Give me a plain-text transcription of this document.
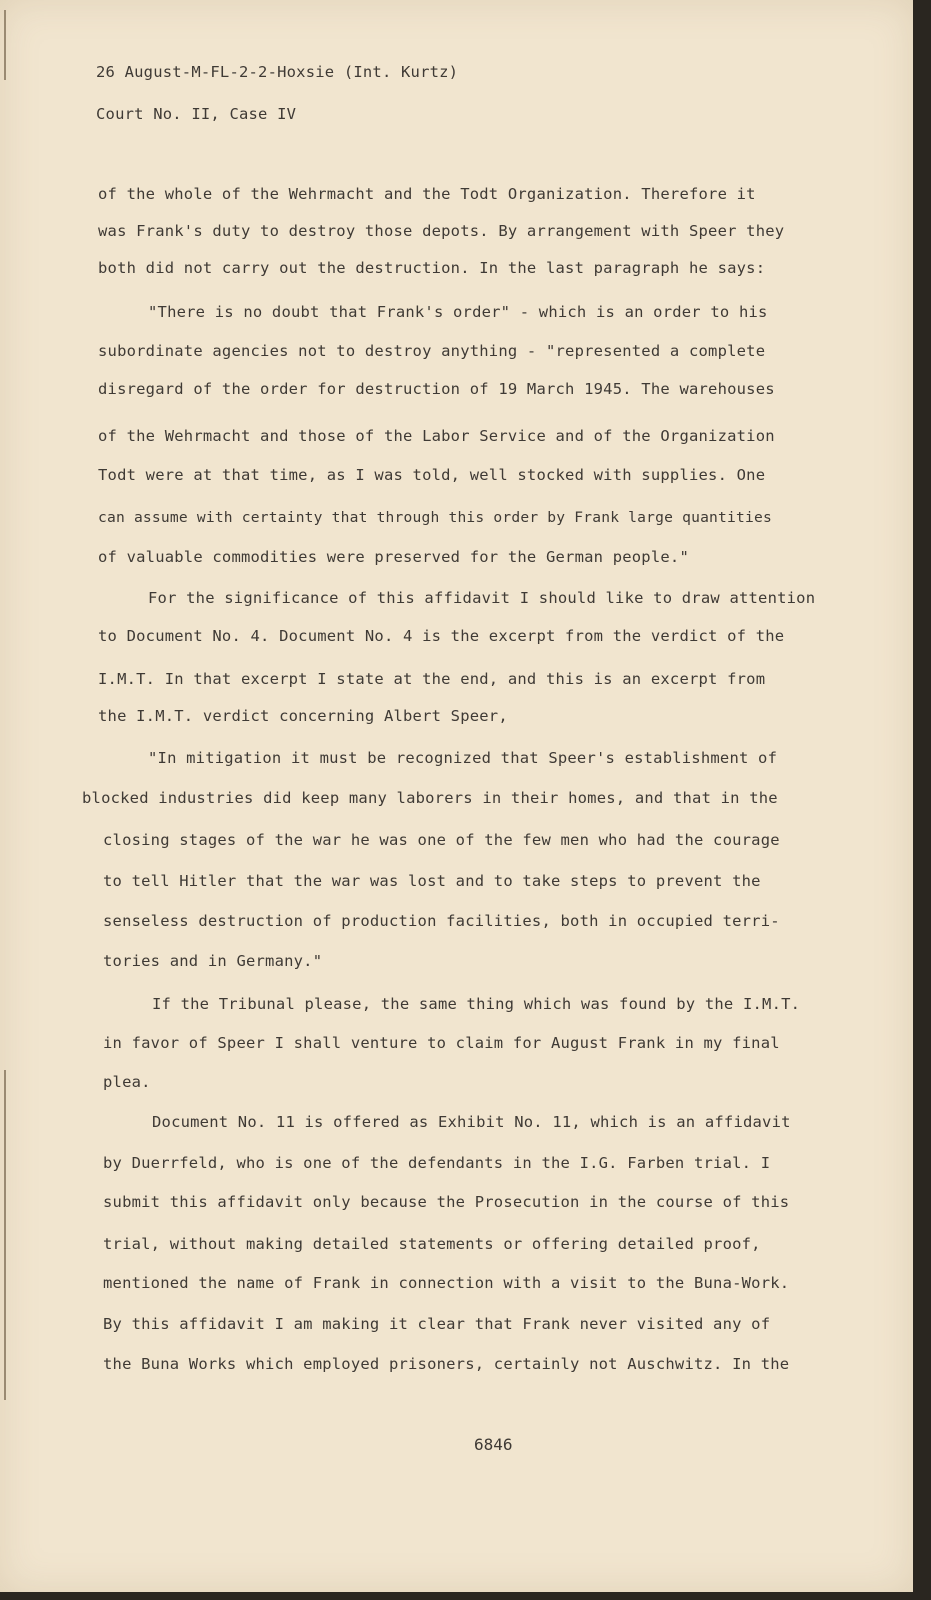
26 August-M-FL-2-2-Hoxsie (Int. Kurtz)

Court No. II, Case IV

of the whole of the Wehrmacht and the Todt Organization. Therefore it

was Frank's duty to destroy those depots. By arrangement with Speer they

both did not carry out the destruction. In the last paragraph he says:

"There is no doubt that Frank's order" - which is an order to his

subordinate agencies not to destroy anything - "represented a complete

disregard of the order for destruction of 19 March 1945. The warehouses

of the Wehrmacht and those of the Labor Service and of the Organization

Todt were at that time, as I was told, well stocked with supplies. One

can assume with certainty that through this order by Frank large quantities

of valuable commodities were preserved for the German people."

For the significance of this affidavit I should like to draw attention

to Document No. 4. Document No. 4 is the excerpt from the verdict of the

I.M.T. In that excerpt I state at the end, and this is an excerpt from

the I.M.T. verdict concerning Albert Speer,

"In mitigation it must be recognized that Speer's establishment of

blocked industries did keep many laborers in their homes, and that in the

closing stages of the war he was one of the few men who had the courage

to tell Hitler that the war was lost and to take steps to prevent the

senseless destruction of production facilities, both in occupied terri-

tories and in Germany."

If the Tribunal please, the same thing which was found by the I.M.T.

in favor of Speer I shall venture to claim for August Frank in my final

plea.

Document No. 11 is offered as Exhibit No. 11, which is an affidavit

by Duerrfeld, who is one of the defendants in the I.G. Farben trial. I

submit this affidavit only because the Prosecution in the course of this

trial, without making detailed statements or offering detailed proof,

mentioned the name of Frank in connection with a visit to the Buna-Work.

By this affidavit I am making it clear that Frank never visited any of

the Buna Works which employed prisoners, certainly not Auschwitz. In the

6846
